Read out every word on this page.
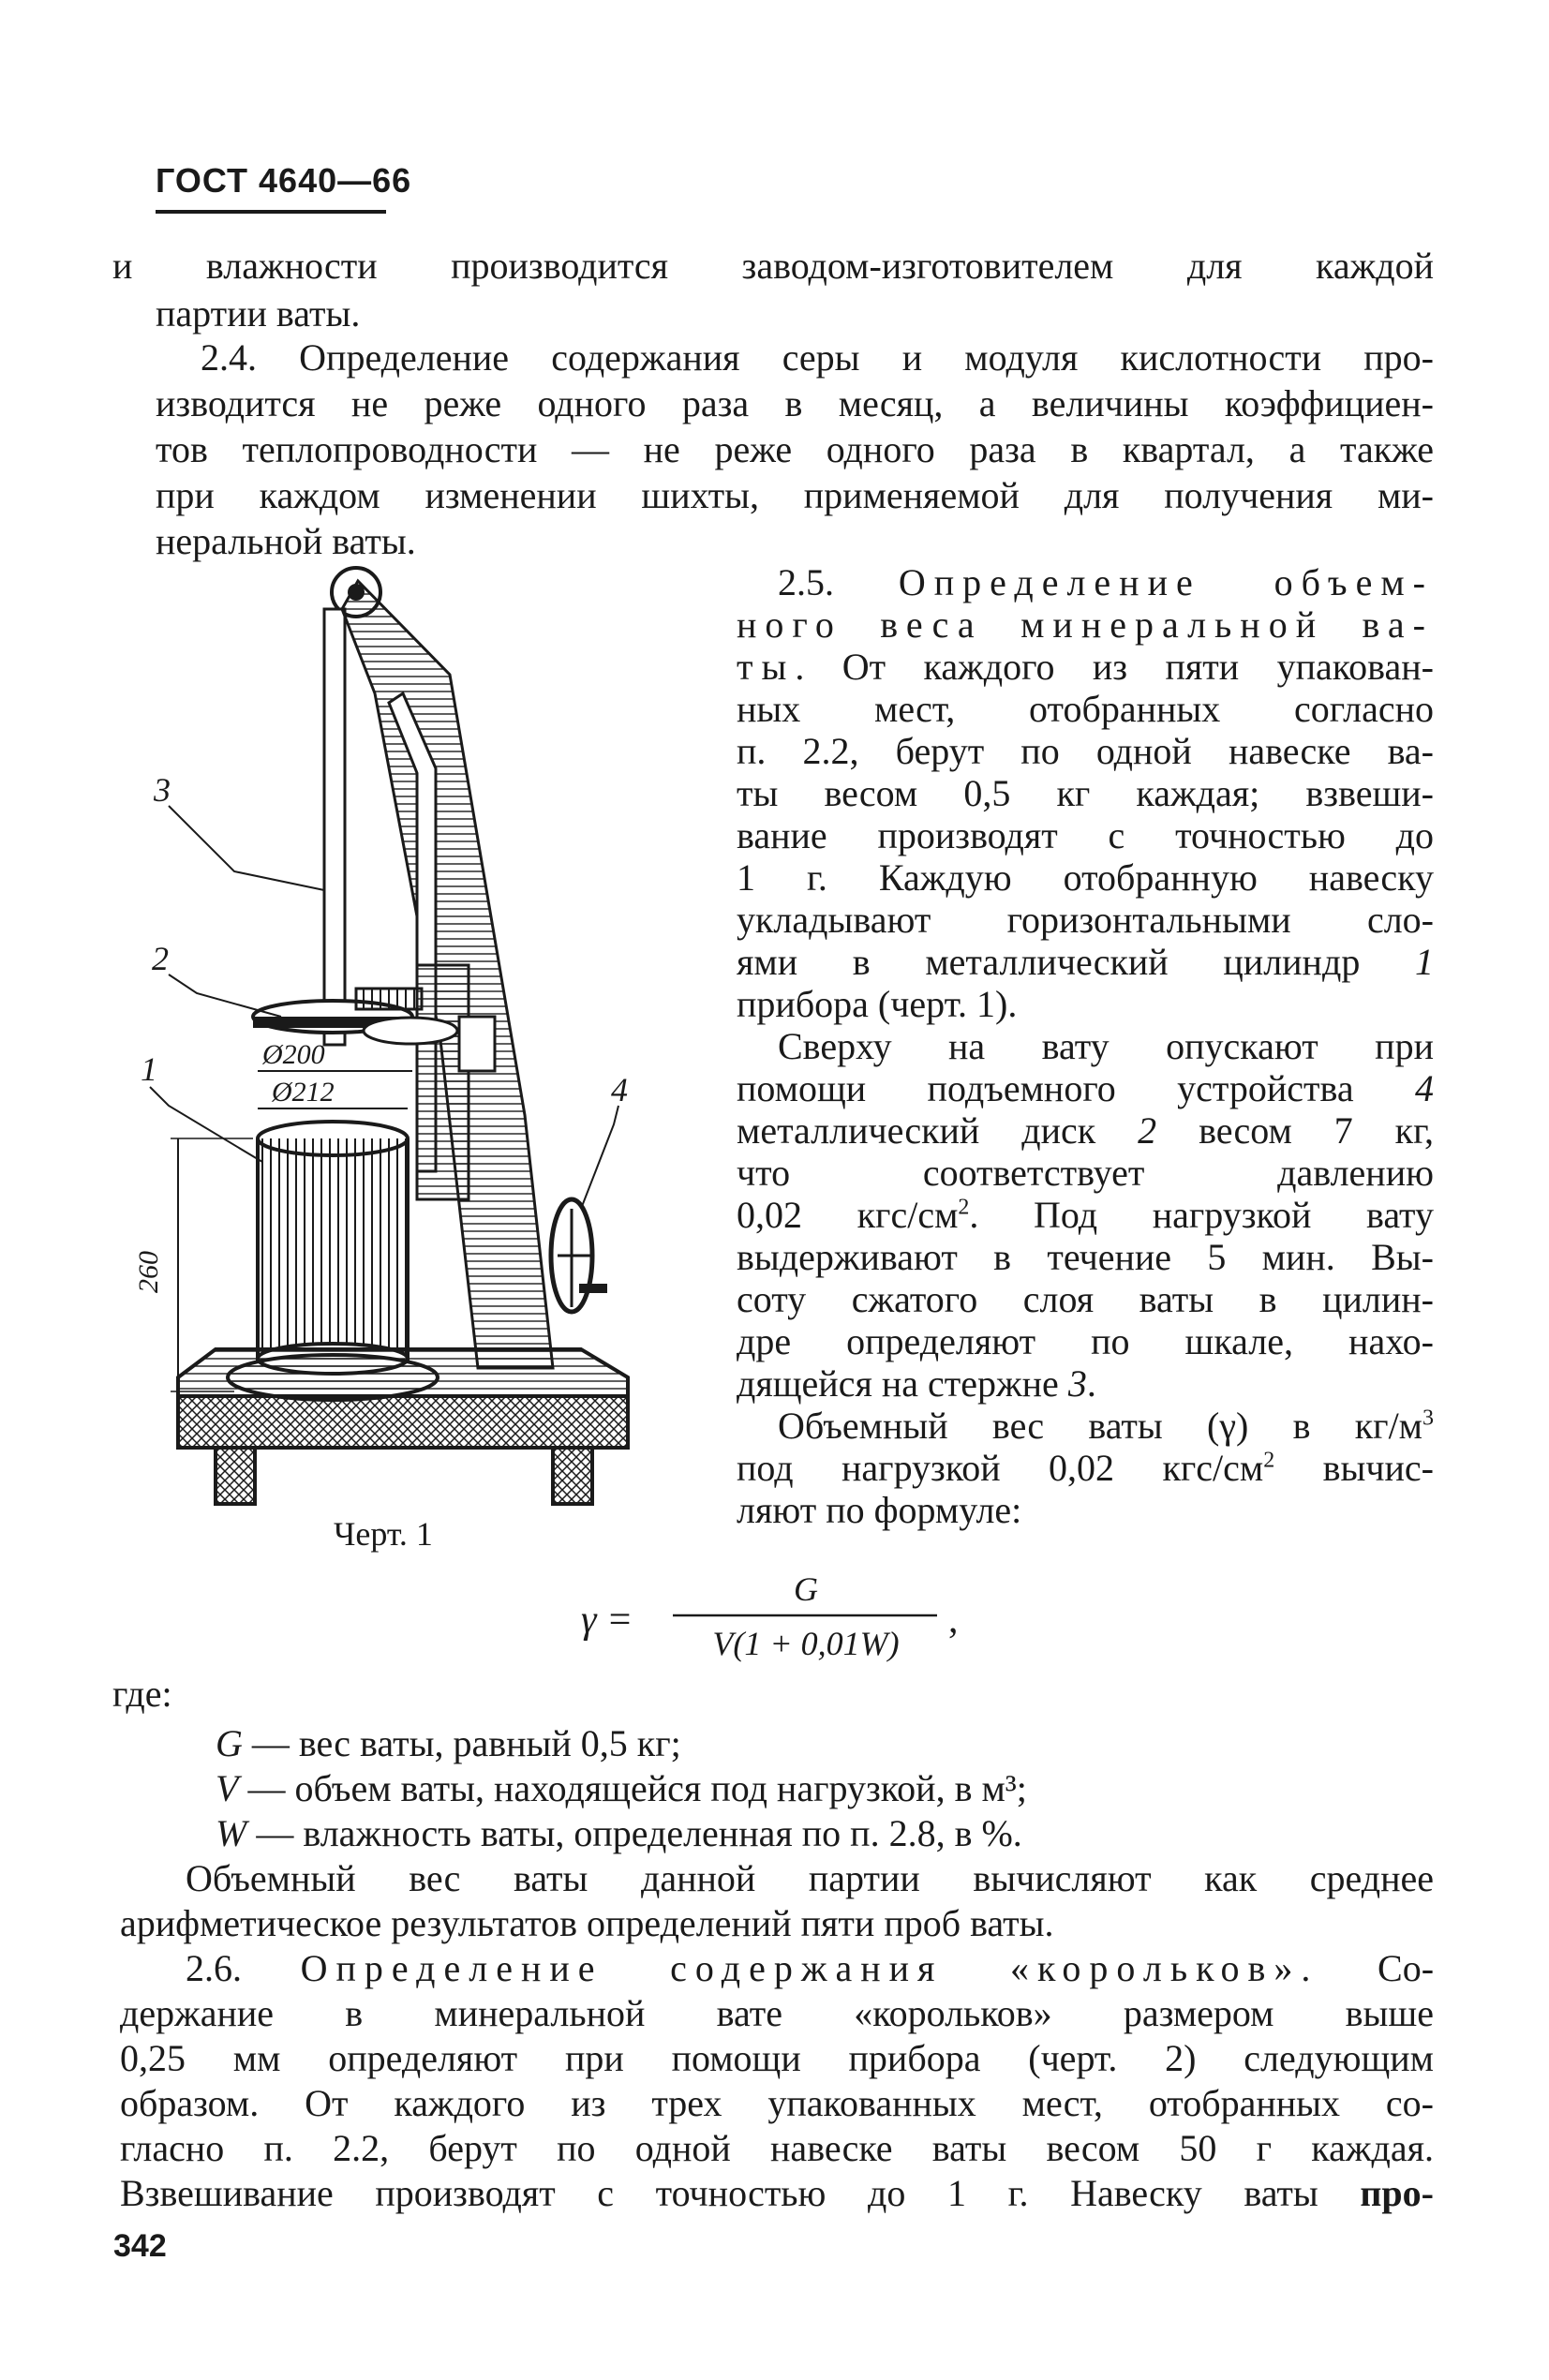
ГОСТ 4640—66
и влажности производится заводом-изготовителем для каждой
партии ваты.
2.4. Определение содержания серы и модуля кислотности про-
изводится не реже одного раза в месяц, а величины коэффициен-
тов теплопроводности — не реже одного раза в квартал, а также
при каждом изменении шихты, применяемой для получения ми-
неральной ваты.
2.5. Определение объем-
ного веса минеральной ва-
ты. От каждого из пяти упакован-
ных мест, отобранных согласно
п. 2.2, берут по одной навеске ва-
ты весом 0,5 кг каждая; взвеши-
вание производят с точностью до
1 г. Каждую отобранную навеску
укладывают горизонтальными сло-
ями в металлический цилиндр 1
прибора (черт. 1).
Сверху на вату опускают при
помощи подъемного устройства 4
металлический диск 2 весом 7 кг,
что соответствует давлению
0,02 кгс/$см^2$. Под нагрузкой вату
выдерживают в течение 5 мин. Вы-
соту сжатого слоя ваты в цилин-
дре определяют по шкале, нахо-
дящейся на стержне 3.
Объемный вес ваты (γ) в $кг/м^3$
под нагрузкой 0,02 кгс/$см^2$ вычис-
ляют по формуле:
3
2
1
4
Ø200
Ø212
260
Черт. 1
γ =
G
V(1 + 0,01W)
,
где:
G — вес ваты, равный 0,5 кг;
V — объем ваты, находящейся под нагрузкой, в м³;
W — влажность ваты, определенная по п. 2.8, в %.
Объемный вес ваты данной партии вычисляют как среднее
арифметическое результатов определений пяти проб ваты.
2.6. Определение содержания «корольков». Со-
держание в минеральной вате «корольков» размером выше
0,25 мм определяют при помощи прибора (черт. 2) следующим
образом. От каждого из трех упакованных мест, отобранных со-
гласно п. 2.2, берут по одной навеске ваты весом 50 г каждая.
Взвешивание производят с точностью до 1 г. Навеску ваты про-
342
